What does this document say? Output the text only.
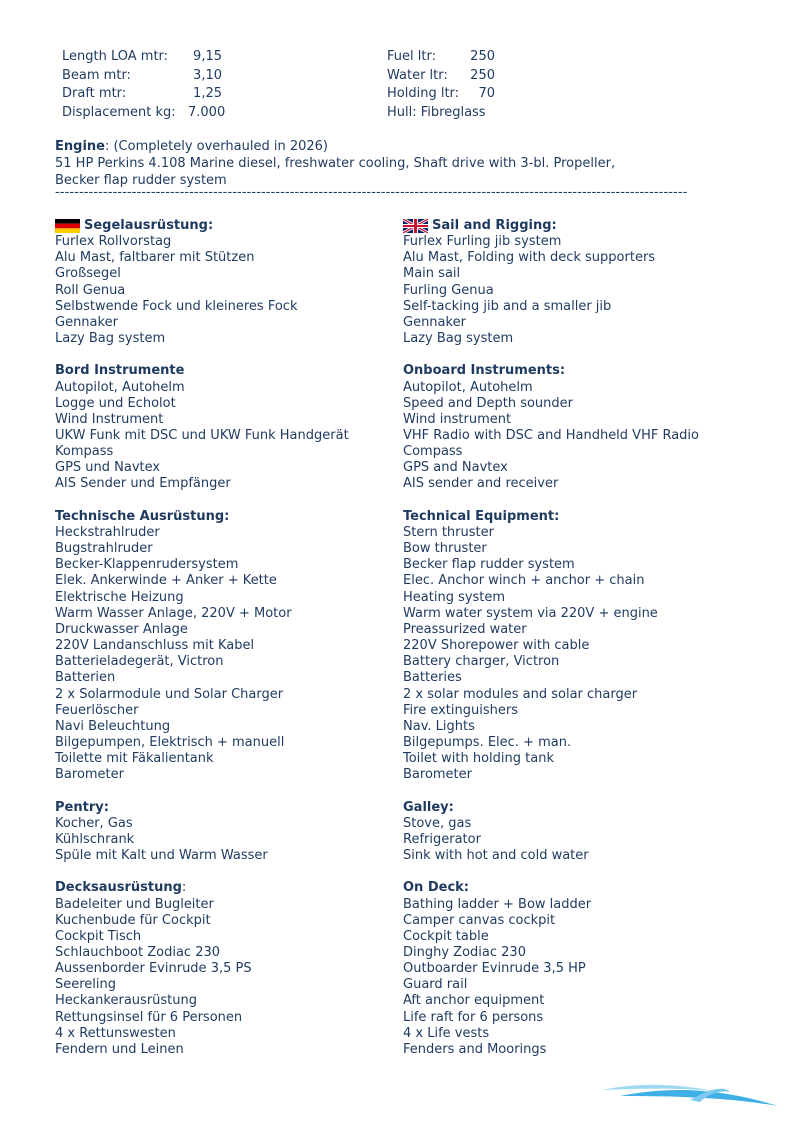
Length LOA mtr:	9,15
Beam mtr:	3,10
Draft mtr:	1,25
Displacement kg: 7.000
Fuel ltr:	250
Water ltr:	250
Holding ltr:	70
Hull: Fibreglass
Engine: (Completely overhauled in 2026)
51 HP Perkins 4.108 Marine diesel, freshwater cooling, Shaft drive with 3-bl. Propeller,
Becker flap rudder system
------------------------------------------------------------------------------------------------------------------------------------
Segelausrüstung:
Furlex Rollvorstag
Alu Mast, faltbarer mit Stützen
Großsegel
Roll Genua
Selbstwende Fock und kleineres Fock
Gennaker
Lazy Bag system
Bord Instrumente
Autopilot, Autohelm
Logge und Echolot
Wind Instrument
UKW Funk mit DSC und UKW Funk Handgerät
Kompass
GPS und Navtex
AIS Sender und Empfänger
Technische Ausrüstung:
Heckstrahlruder
Bugstrahlruder
Becker-Klappenrudersystem
Elek. Ankerwinde + Anker + Kette
Elektrische Heizung
Warm Wasser Anlage, 220V + Motor
Druckwasser Anlage
220V Landanschluss mit Kabel
Batterieladegerät, Victron
Batterien
2 x Solarmodule und Solar Charger
Feuerlöscher
Navi Beleuchtung
Bilgepumpen, Elektrisch + manuell
Toilette mit Fäkalientank
Barometer
Pentry:
Kocher, Gas
Kühlschrank
Spüle mit Kalt und Warm Wasser
Decksausrüstung :
Badeleiter und Bugleiter
Kuchenbude für Cockpit
Cockpit Tisch
Schlauchboot Zodiac 230
Aussenborder Evinrude 3,5 PS
Seereling
Heckankerausrüstung
Rettungsinsel für 6 Personen
4 x Rettunswesten
Fendern und Leinen
Sail and Rigging:
Furlex Furling jib system
Alu Mast, Folding with deck supporters
Main sail
Furling Genua
Self-tacking jib and a smaller jib
Gennaker
Lazy Bag system
Onboard Instruments:
Autopilot, Autohelm
Speed and Depth sounder
Wind instrument
VHF Radio with DSC and Handheld VHF Radio
Compass
GPS and Navtex
AIS sender and receiver
Technical Equipment:
Stern thruster
Bow thruster
Becker flap rudder system
Elec. Anchor winch + anchor + chain
Heating system
Warm water system via 220V + engine
Preassurized water
220V Shorepower with cable
Battery charger, Victron
Batteries
2 x solar modules and solar charger
Fire extinguishers
Nav. Lights
Bilgepumps. Elec. + man.
Toilet with holding tank
Barometer
Galley:
Stove, gas
Refrigerator
Sink with hot and cold water
On Deck:
Bathing ladder + Bow ladder
Camper canvas cockpit
Cockpit table
Dinghy Zodiac 230
Outboarder Evinrude 3,5 HP
Guard rail
Aft anchor equipment
Life raft for 6 persons
4 x Life vests
Fenders and Moorings
